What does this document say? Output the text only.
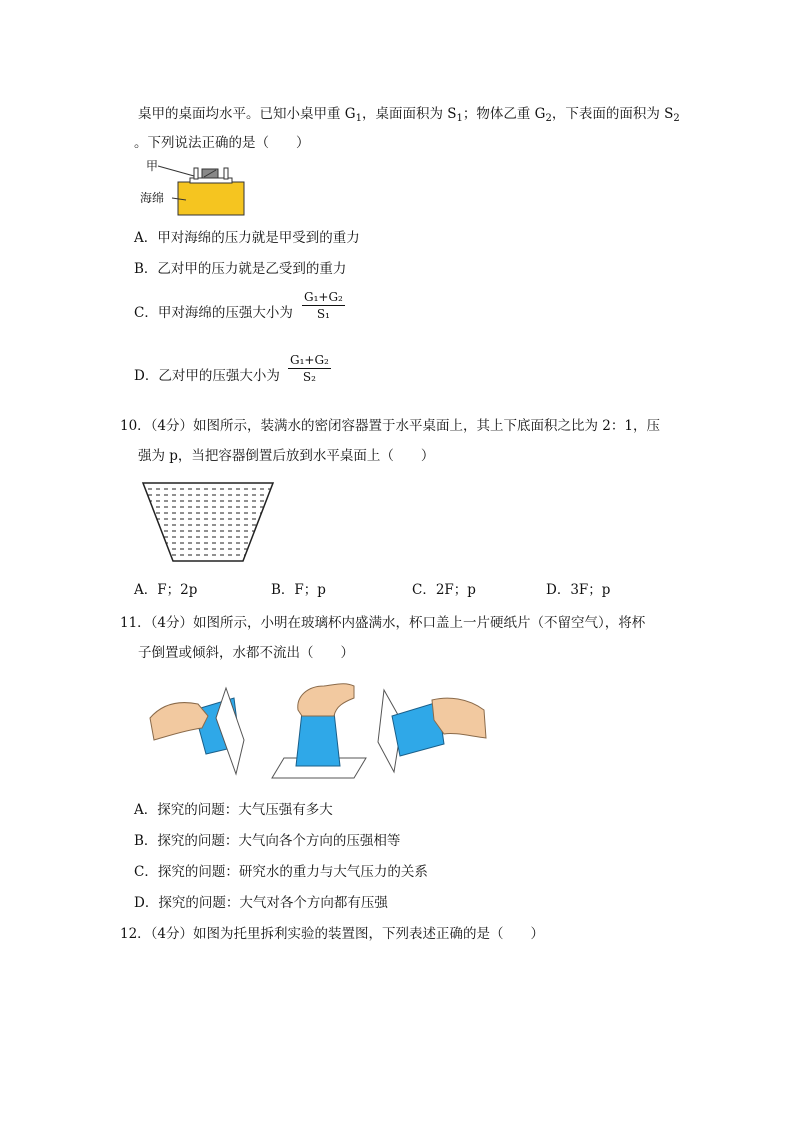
桌甲的桌面均水平。已知小桌甲重 $G_1$，桌面面积为 $S_1$；物体乙重 $G_2$，下表面的面积为 $S_2$
。下列说法正确的是（　　）
甲
海绵
A．甲对海绵的压力就是甲受到的重力
B．乙对甲的压力就是乙受到的重力
C．甲对海绵的压强大小为
G₁+G₂
S₁
D．乙对甲的压强大小为
G₁+G₂
S₂
10．（4分）如图所示，装满水的密闭容器置于水平桌面上，其上下底面积之比为 2：1，压
强为 p，当把容器倒置后放到水平桌面上（　　）
A．F；2p	B．F；p	C．2F；p	D．3F；p
11．（4分）如图所示，小明在玻璃杯内盛满水，杯口盖上一片硬纸片（不留空气），将杯
子倒置或倾斜，水都不流出（　　）
A．探究的问题：大气压强有多大
B．探究的问题：大气向各个方向的压强相等
C．探究的问题：研究水的重力与大气压力的关系
D．探究的问题：大气对各个方向都有压强
12．（4分）如图为托里拆利实验的装置图，下列表述正确的是（　　）
